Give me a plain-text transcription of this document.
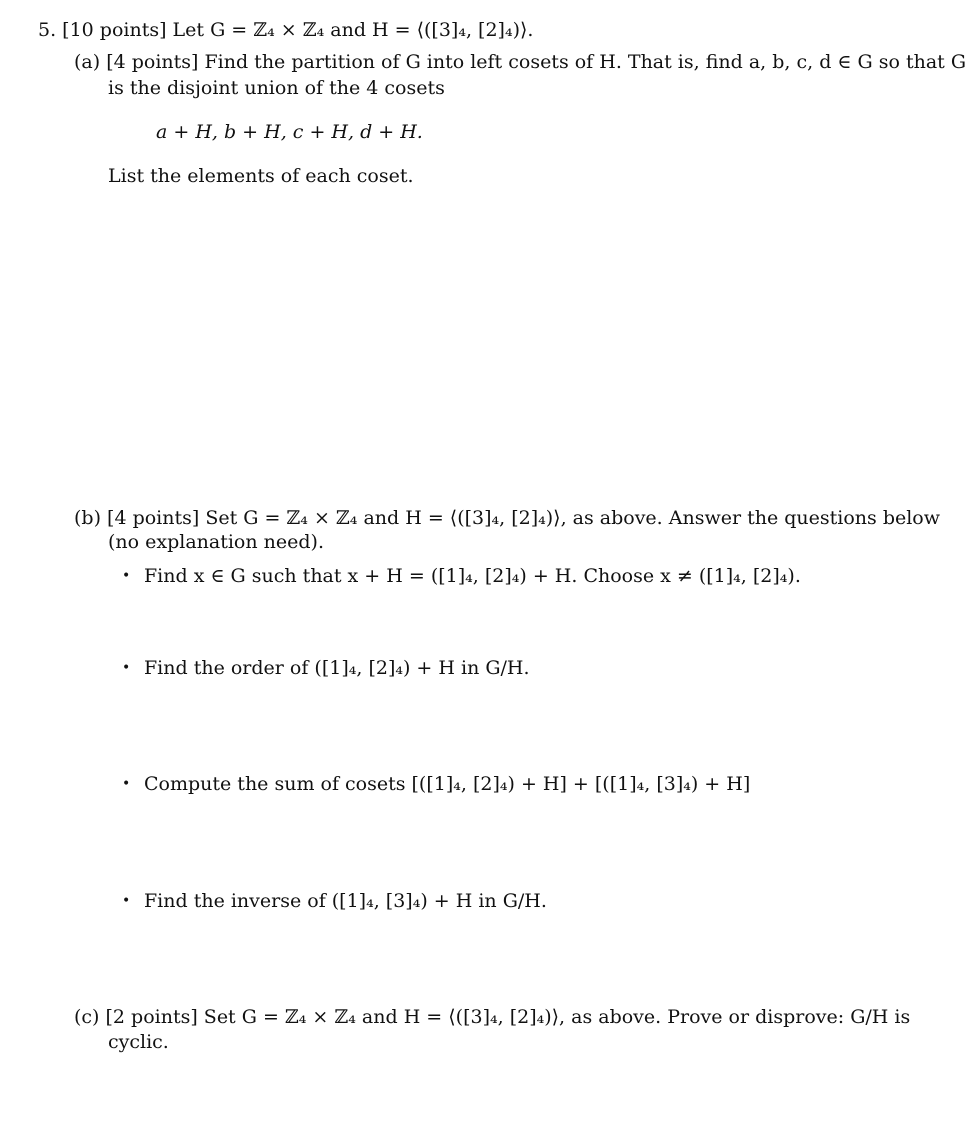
5. [10 points] Let G = ℤ₄ × ℤ₄ and H = ⟨([3]₄, [2]₄)⟩.
(a) [4 points] Find the partition of G into left cosets of H. That is, find a, b, c, d ∈ G so that G
is the disjoint union of the 4 cosets
a + H, b + H, c + H, d + H.
List the elements of each coset.
(b) [4 points] Set G = ℤ₄ × ℤ₄ and H = ⟨([3]₄, [2]₄)⟩, as above. Answer the questions below
(no explanation need).
• Find x ∈ G such that x + H = ([1]₄, [2]₄) + H. Choose x ≠ ([1]₄, [2]₄).
• Find the order of ([1]₄, [2]₄) + H in G/H.
• Compute the sum of cosets [([1]₄, [2]₄) + H] + [([1]₄, [3]₄) + H]
• Find the inverse of ([1]₄, [3]₄) + H in G/H.
(c) [2 points] Set G = ℤ₄ × ℤ₄ and H = ⟨([3]₄, [2]₄)⟩, as above. Prove or disprove: G/H is
cyclic.
